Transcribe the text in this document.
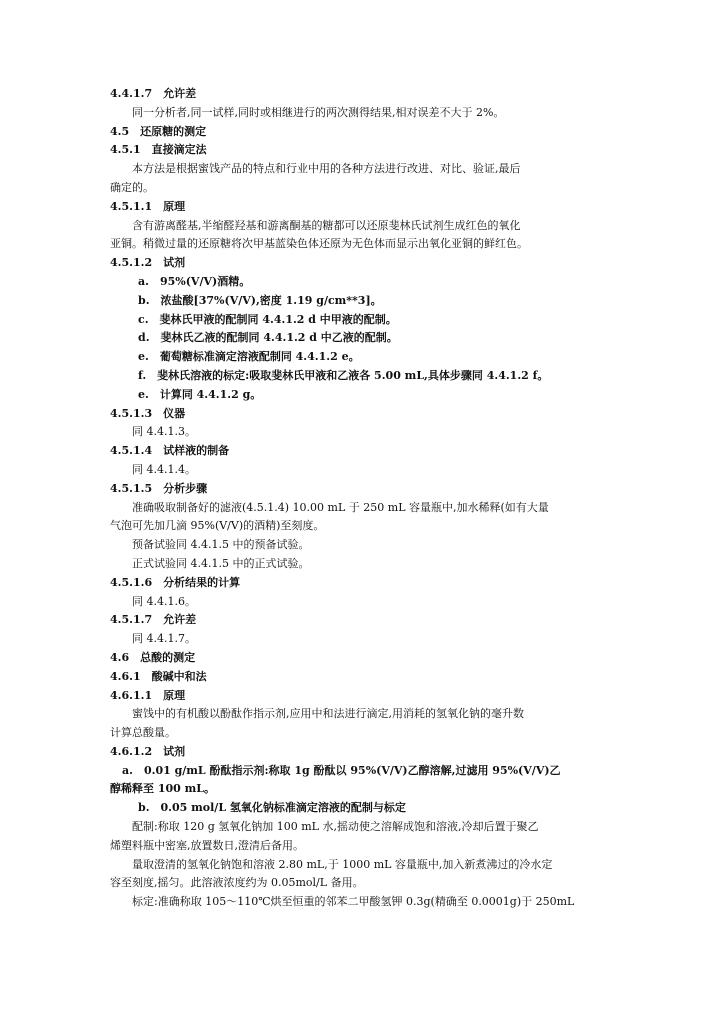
4.4.1.7　允许差
同一分析者,同一试样,同时或相继进行的两次测得结果,相对误差不大于 2%。
4.5　还原糖的测定
4.5.1　直接滴定法
本方法是根据蜜饯产品的特点和行业中用的各种方法进行改进、对比、验证,最后
确定的。
4.5.1.1　原理
含有游离醛基,半缩醛羟基和游离酮基的糖都可以还原斐林氏试剂生成红色的氧化
亚铜。稍微过量的还原糖将次甲基蓝染色体还原为无色体而显示出氧化亚铜的鲜红色。
4.5.1.2　试剂
a.　95%(V/V)酒精。
b.　浓盐酸[37%(V/V),密度 1.19 g/cm**3]。
c.　斐林氏甲液的配制同 4.4.1.2 d 中甲液的配制。
d.　斐林氏乙液的配制同 4.4.1.2 d 中乙液的配制。
e.　葡萄糖标准滴定溶液配制同 4.4.1.2 e。
f.　斐林氏溶液的标定:吸取斐林氏甲液和乙液各 5.00 mL,具体步骤同 4.4.1.2 f。
e.　计算同 4.4.1.2 g。
4.5.1.3　仪器
同 4.4.1.3。
4.5.1.4　试样液的制备
同 4.4.1.4。
4.5.1.5　分析步骤
准确吸取制备好的滤液(4.5.1.4) 10.00 mL 于 250 mL 容量瓶中,加水稀释(如有大量
气泡可先加几滴 95%(V/V)的酒精)至刻度。
预备试验同 4.4.1.5 中的预备试验。
正式试验同 4.4.1.5 中的正式试验。
4.5.1.6　分析结果的计算
同 4.4.1.6。
4.5.1.7　允许差
同 4.4.1.7。
4.6　总酸的测定
4.6.1　酸碱中和法
4.6.1.1　原理
蜜饯中的有机酸以酚酞作指示剂,应用中和法进行滴定,用消耗的氢氧化钠的毫升数
计算总酸量。
4.6.1.2　试剂
a.　0.01 g/mL 酚酞指示剂:称取 1g 酚酞以 95%(V/V)乙醇溶解,过滤用 95%(V/V)乙
醇稀释至 100 mL。
b.　0.05 mol/L 氢氧化钠标准滴定溶液的配制与标定
配制:称取 120 g 氢氧化钠加 100 mL 水,摇动使之溶解成饱和溶液,冷却后置于聚乙
烯塑料瓶中密塞,放置数日,澄清后备用。
量取澄清的氢氧化钠饱和溶液 2.80 mL,于 1000 mL 容量瓶中,加入新煮沸过的冷水定
容至刻度,摇匀。此溶液浓度约为 0.05mol/L 备用。
标定:准确称取 105～110℃烘至恒重的邻苯二甲酸氢钾 0.3g(精确至 0.0001g)于 250mL
